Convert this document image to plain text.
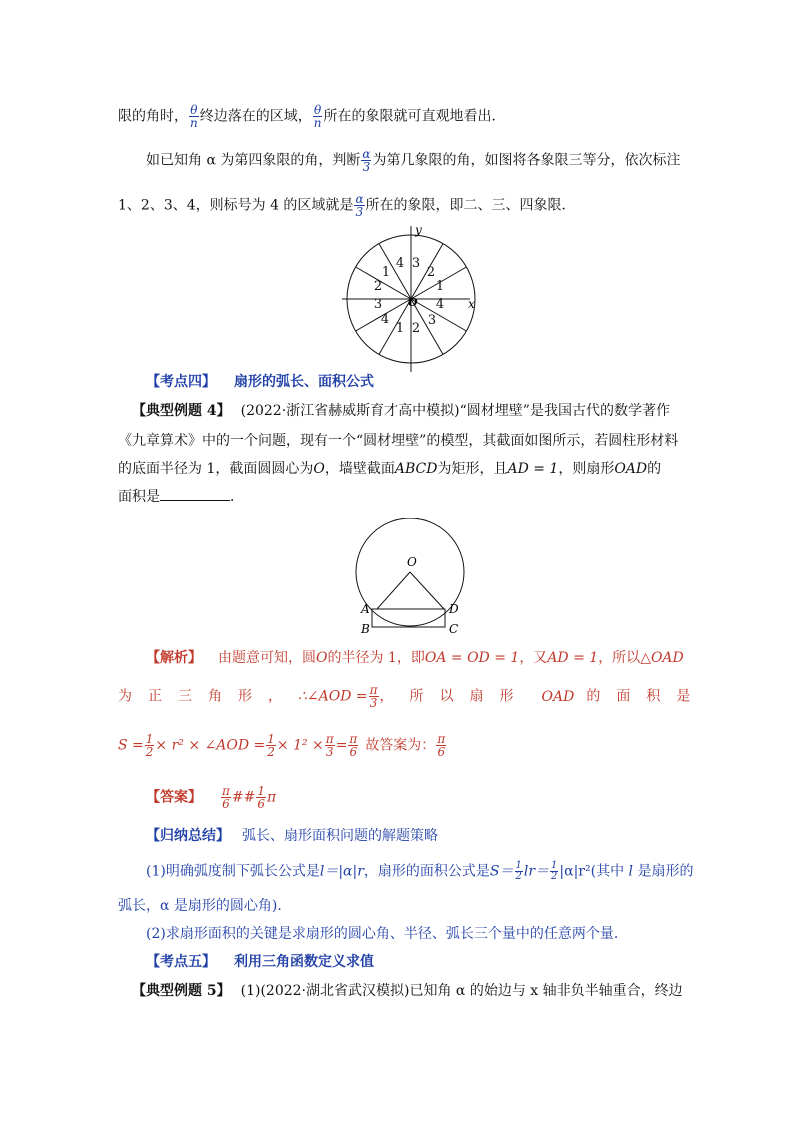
限的角时， $\frac{\theta}{n}$ 终边落在的区域， $\frac{\theta}{n}$ 所在的象限就可直观地看出．
如已知角 α 为第四象限的角，判断 $\frac{\alpha}{3}$ 为第几象限的角，如图将各象限三等分，依次标注
1、2、3、4，则标号为 4 的区域就是 $\frac{\alpha}{3}$ 所在的象限，即二、三、四象限．
1
2
3
4
1
2
3
4
1 2
3
4 x
y
O
【考点四】 扇形的弧长、面积公式
【典型例题 4】 (2022·浙江省赫威斯育才高中模拟)“圆材埋壁”是我国古代的数学著作
《九章算术》中的一个问题，现有一个“圆材埋壁”的模型，其截面如图所示，若圆柱形材料
的底面半径为 1，截面圆圆心为O，墙壁截面ABCD为矩形，且AD = 1，则扇形OAD的
面积是	．
O
A
B	C
D
【解析】 由题意可知，圆O的半径为 1，即OA = OD = 1，又AD = 1，所以△OAD
为正三角形，∴∠AOD = $\frac{\pi}{3}$ ，所以扇形 OAD 的面积是
$S = \frac{1}{2} \times r^2$ × ∠AOD = $\frac{1}{2} \times 1^2 \times \frac{\pi}{3} = \frac{\pi}{6}$ 故答案为： $\frac{\pi}{6}$
【答案】 $\frac{\pi}{6}$ ## $\frac{1}{6}$ π
【归纳总结】 弧长、扇形面积问题的解题策略
(1)明确弧度制下弧长公式是l＝|α|r，扇形的面积公式是$S= \frac{1}{2} lr= \frac{1}{2} |\alpha|r^2$(其中 l 是扇形的
弧长，α 是扇形的圆心角)．
(2)求扇形面积的关键是求扇形的圆心角、半径、弧长三个量中的任意两个量．
【考点五】 利用三角函数定义求值
【典型例题 5】 (1)(2022·湖北省武汉模拟)已知角 α 的始边与 x 轴非负半轴重合，终边
